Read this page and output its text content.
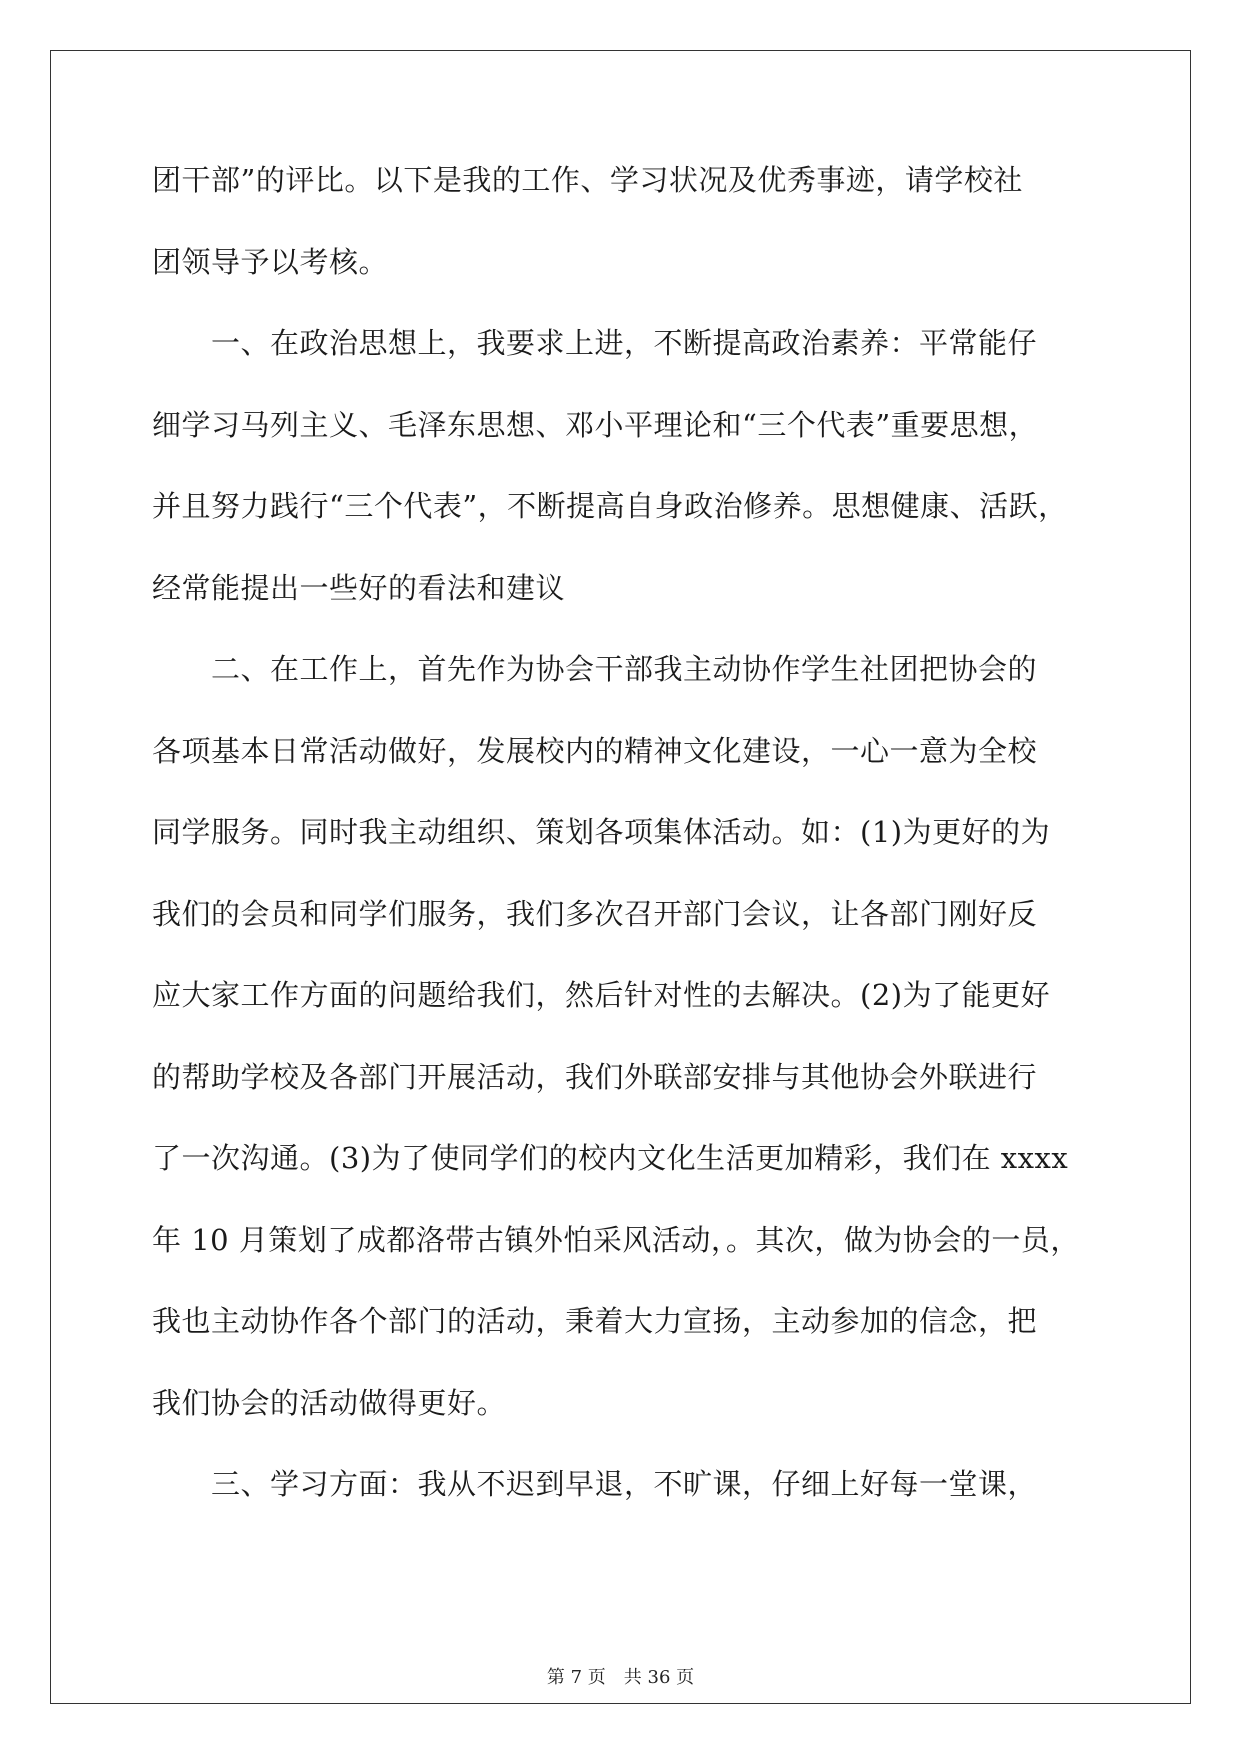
团干部”的评比。以下是我的工作、学习状况及优秀事迹，请学校社
团领导予以考核。
　　一、在政治思想上，我要求上进，不断提高政治素养：平常能仔
细学习马列主义、毛泽东思想、邓小平理论和“三个代表”重要思想，
并且努力践行“三个代表”，不断提高自身政治修养。思想健康、活跃，
经常能提出一些好的看法和建议
　　二、在工作上，首先作为协会干部我主动协作学生社团把协会的
各项基本日常活动做好，发展校内的精神文化建设，一心一意为全校
同学服务。同时我主动组织、策划各项集体活动。如：(1)为更好的为
我们的会员和同学们服务，我们多次召开部门会议，让各部门刚好反
应大家工作方面的问题给我们，然后针对性的去解决。(2)为了能更好
的帮助学校及各部门开展活动，我们外联部安排与其他协会外联进行
了一次沟通。(3)为了使同学们的校内文化生活更加精彩，我们在 xxxx
年 10 月策划了成都洛带古镇外怕采风活动，。其次，做为协会的一员，
我也主动协作各个部门的活动，秉着大力宣扬，主动参加的信念，把
我们协会的活动做得更好。
　　三、学习方面：我从不迟到早退，不旷课，仔细上好每一堂课，
第 7 页　共 36 页
